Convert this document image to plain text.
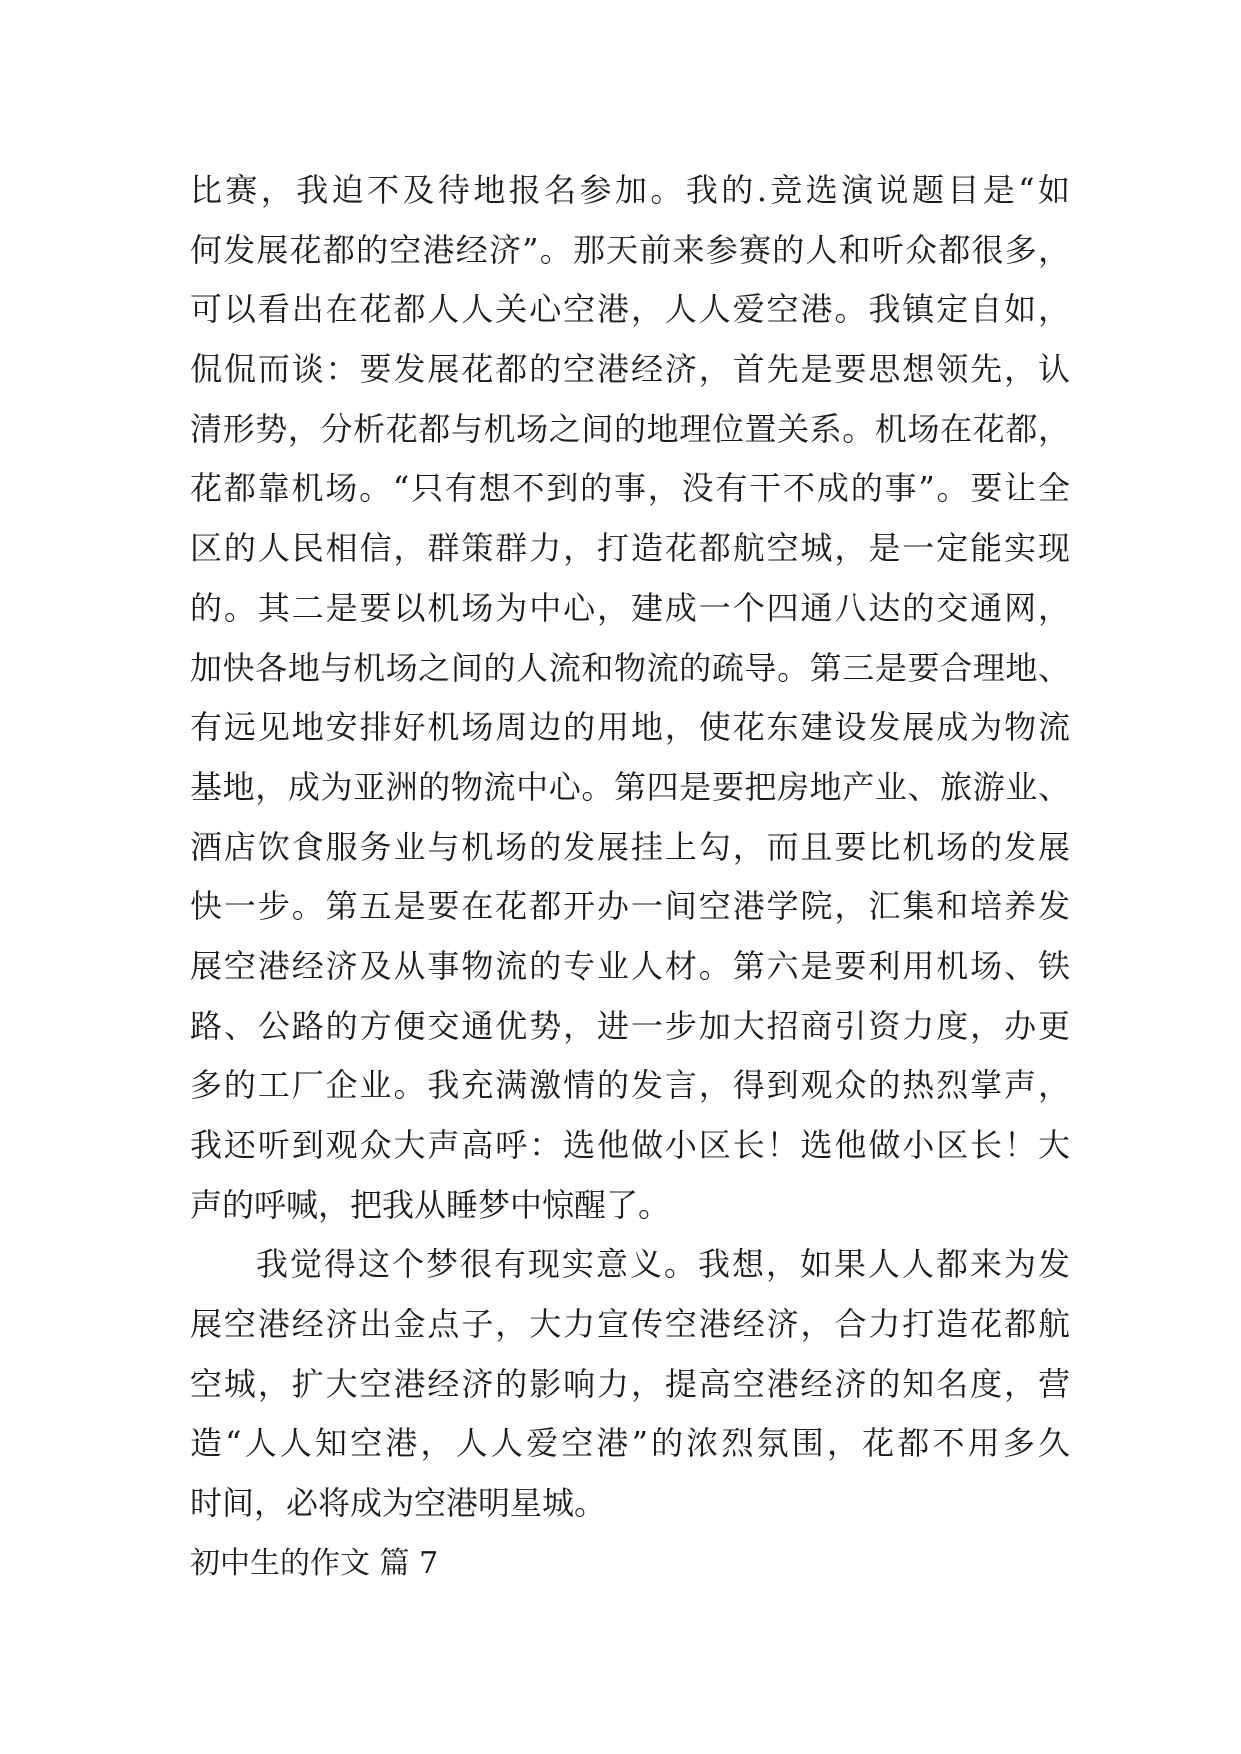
比赛，我迫不及待地报名参加。我的.竞选演说题目是“如
何发展花都的空港经济”。那天前来参赛的人和听众都很多，
可以看出在花都人人关心空港，人人爱空港。我镇定自如，
侃侃而谈：要发展花都的空港经济，首先是要思想领先，认
清形势，分析花都与机场之间的地理位置关系。机场在花都，
花都靠机场。“只有想不到的事，没有干不成的事”。要让全
区的人民相信，群策群力，打造花都航空城，是一定能实现
的。其二是要以机场为中心，建成一个四通八达的交通网，
加快各地与机场之间的人流和物流的疏导。第三是要合理地、
有远见地安排好机场周边的用地，使花东建设发展成为物流
基地，成为亚洲的物流中心。第四是要把房地产业、旅游业、
酒店饮食服务业与机场的发展挂上勾，而且要比机场的发展
快一步。第五是要在花都开办一间空港学院，汇集和培养发
展空港经济及从事物流的专业人材。第六是要利用机场、铁
路、公路的方便交通优势，进一步加大招商引资力度，办更
多的工厂企业。我充满激情的发言，得到观众的热烈掌声，
我还听到观众大声高呼：选他做小区长！选他做小区长！大
声的呼喊，把我从睡梦中惊醒了。
我觉得这个梦很有现实意义。我想，如果人人都来为发
展空港经济出金点子，大力宣传空港经济，合力打造花都航
空城，扩大空港经济的影响力，提高空港经济的知名度，营
造“人人知空港，人人爱空港”的浓烈氛围，花都不用多久
时间，必将成为空港明星城。
初中生的作文 篇 7
